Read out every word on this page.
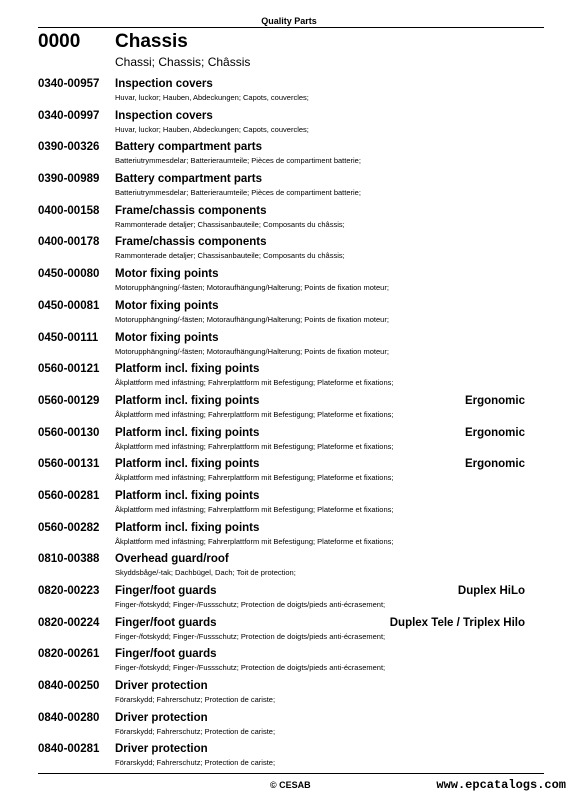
Quality Parts
0000 Chassis
Chassi; Chassis; Châssis
0340-00957 Inspection covers
Huvar, luckor; Hauben, Abdeckungen; Capots, couvercles;
0340-00997 Inspection covers
Huvar, luckor; Hauben, Abdeckungen; Capots, couvercles;
0390-00326 Battery compartment parts
Batteriutrymmesdelar; Batterieraumteile; Pièces de compartiment batterie;
0390-00989 Battery compartment parts
Batteriutrymmesdelar; Batterieraumteile; Pièces de compartiment batterie;
0400-00158 Frame/chassis components
Rammonterade detaljer; Chassisanbauteile; Composants du châssis;
0400-00178 Frame/chassis components
Rammonterade detaljer; Chassisanbauteile; Composants du châssis;
0450-00080 Motor fixing points
Motorupphängning/-fästen; Motoraufhängung/Halterung; Points de fixation moteur;
0450-00081 Motor fixing points
Motorupphängning/-fästen; Motoraufhängung/Halterung; Points de fixation moteur;
0450-00111 Motor fixing points
Motorupphängning/-fästen; Motoraufhängung/Halterung; Points de fixation moteur;
0560-00121 Platform incl. fixing points
Åkplattform med infästning; Fahrerplattform mit Befestigung; Plateforme et fixations;
0560-00129 Platform incl. fixing points	Ergonomic
Åkplattform med infästning; Fahrerplattform mit Befestigung; Plateforme et fixations;
0560-00130 Platform incl. fixing points	Ergonomic
Åkplattform med infästning; Fahrerplattform mit Befestigung; Plateforme et fixations;
0560-00131 Platform incl. fixing points	Ergonomic
Åkplattform med infästning; Fahrerplattform mit Befestigung; Plateforme et fixations;
0560-00281 Platform incl. fixing points
Åkplattform med infästning; Fahrerplattform mit Befestigung; Plateforme et fixations;
0560-00282 Platform incl. fixing points
Åkplattform med infästning; Fahrerplattform mit Befestigung; Plateforme et fixations;
0810-00388 Overhead guard/roof
Skyddsbåge/-tak; Dachbügel, Dach; Toit de protection;
0820-00223 Finger/foot guards	Duplex HiLo
Finger-/fotskydd; Finger-/Fussschutz; Protection de doigts/pieds anti-écrasement;
0820-00224 Finger/foot guards	Duplex Tele / Triplex Hilo
Finger-/fotskydd; Finger-/Fussschutz; Protection de doigts/pieds anti-écrasement;
0820-00261 Finger/foot guards
Finger-/fotskydd; Finger-/Fussschutz; Protection de doigts/pieds anti-écrasement;
0840-00250 Driver protection
Förarskydd; Fahrerschutz; Protection de cariste;
0840-00280 Driver protection
Förarskydd; Fahrerschutz; Protection de cariste;
0840-00281 Driver protection
Förarskydd; Fahrerschutz; Protection de cariste;
© CESAB	www.epcatalogs.com
